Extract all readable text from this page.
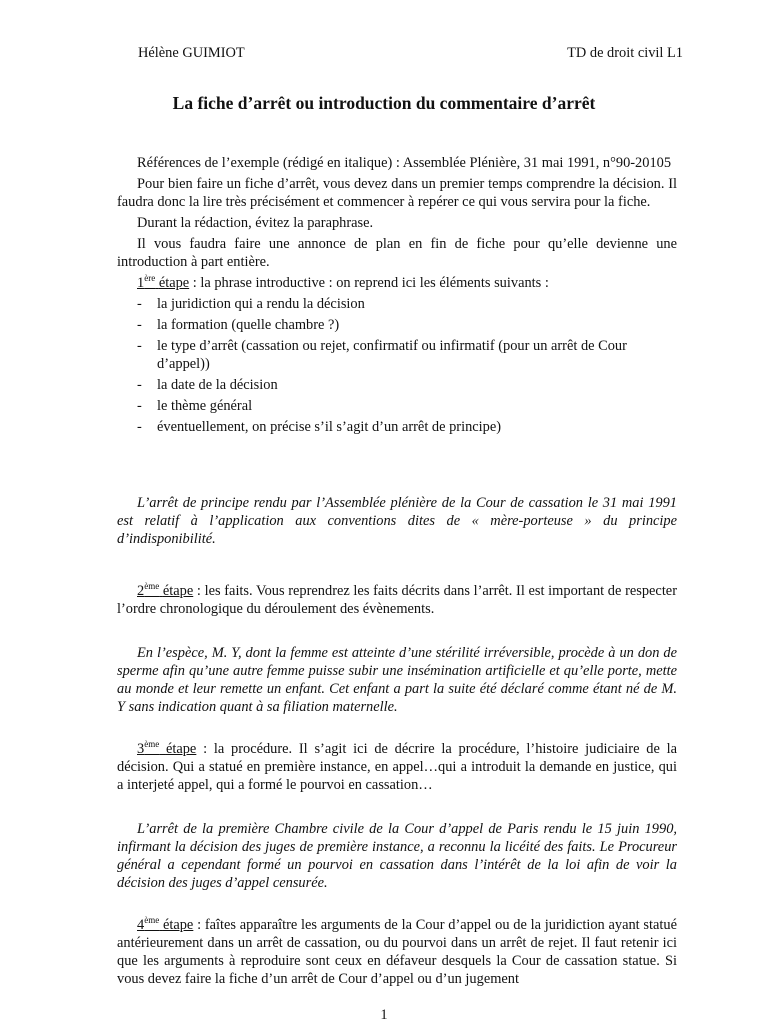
Hélène GUIMIOT	TD de droit civil L1
La fiche d’arrêt ou introduction du commentaire d’arrêt

Références de l’exemple (rédigé en italique) : Assemblée Plénière, 31 mai 1991, n°90-20105

Pour bien faire un fiche d’arrêt, vous devez dans un premier temps comprendre la décision. Il faudra donc la lire très précisément et commencer à repérer ce qui vous servira pour la fiche.

Durant la rédaction, évitez la paraphrase.

Il vous faudra faire une annonce de plan en fin de fiche pour qu’elle devienne une introduction à part entière.

1ère étape : la phrase introductive : on reprend ici les éléments suivants :

- la juridiction qui a rendu la décision
- la formation (quelle chambre ?)
- le type d’arrêt (cassation ou rejet, confirmatif ou infirmatif (pour un arrêt de Cour d’appel))
- la date de la décision
- le thème général
- éventuellement, on précise s’il s’agit d’un arrêt de principe)

L’arrêt de principe rendu par l’Assemblée plénière de la Cour de cassation le 31 mai 1991 est relatif à l’application aux conventions dites de « mère-porteuse » du principe d’indisponibilité.

2ème étape : les faits. Vous reprendrez les faits décrits dans l’arrêt. Il est important de respecter l’ordre chronologique du déroulement des évènements.

En l’espèce, M. Y, dont la femme est atteinte d’une stérilité irréversible, procède à un don de sperme afin qu’une autre femme puisse subir une insémination artificielle et qu’elle porte, mette au monde et leur remette un enfant. Cet enfant a part la suite été déclaré comme étant né de M. Y sans indication quant à sa filiation maternelle.

3ème étape : la procédure. Il s’agit ici de décrire la procédure, l’histoire judiciaire de la décision. Qui a statué en première instance, en appel…qui a introduit la demande en justice, qui a interjeté appel, qui a formé le pourvoi en cassation…

L’arrêt de la première Chambre civile de la Cour d’appel de Paris rendu le 15 juin 1990, infirmant la décision des juges de première instance, a reconnu la licéité des faits. Le Procureur général a cependant formé un pourvoi en cassation dans l’intérêt de la loi afin de voir la décision des juges d’appel censurée.

4ème étape : faîtes apparaître les arguments de la Cour d’appel ou de la juridiction ayant statué antérieurement dans un arrêt de cassation, ou du pourvoi dans un arrêt de rejet. Il faut retenir ici que les arguments à reproduire sont ceux en défaveur desquels la Cour de cassation statue. Si vous devez faire la fiche d’un arrêt de Cour d’appel ou d’un jugement

1
